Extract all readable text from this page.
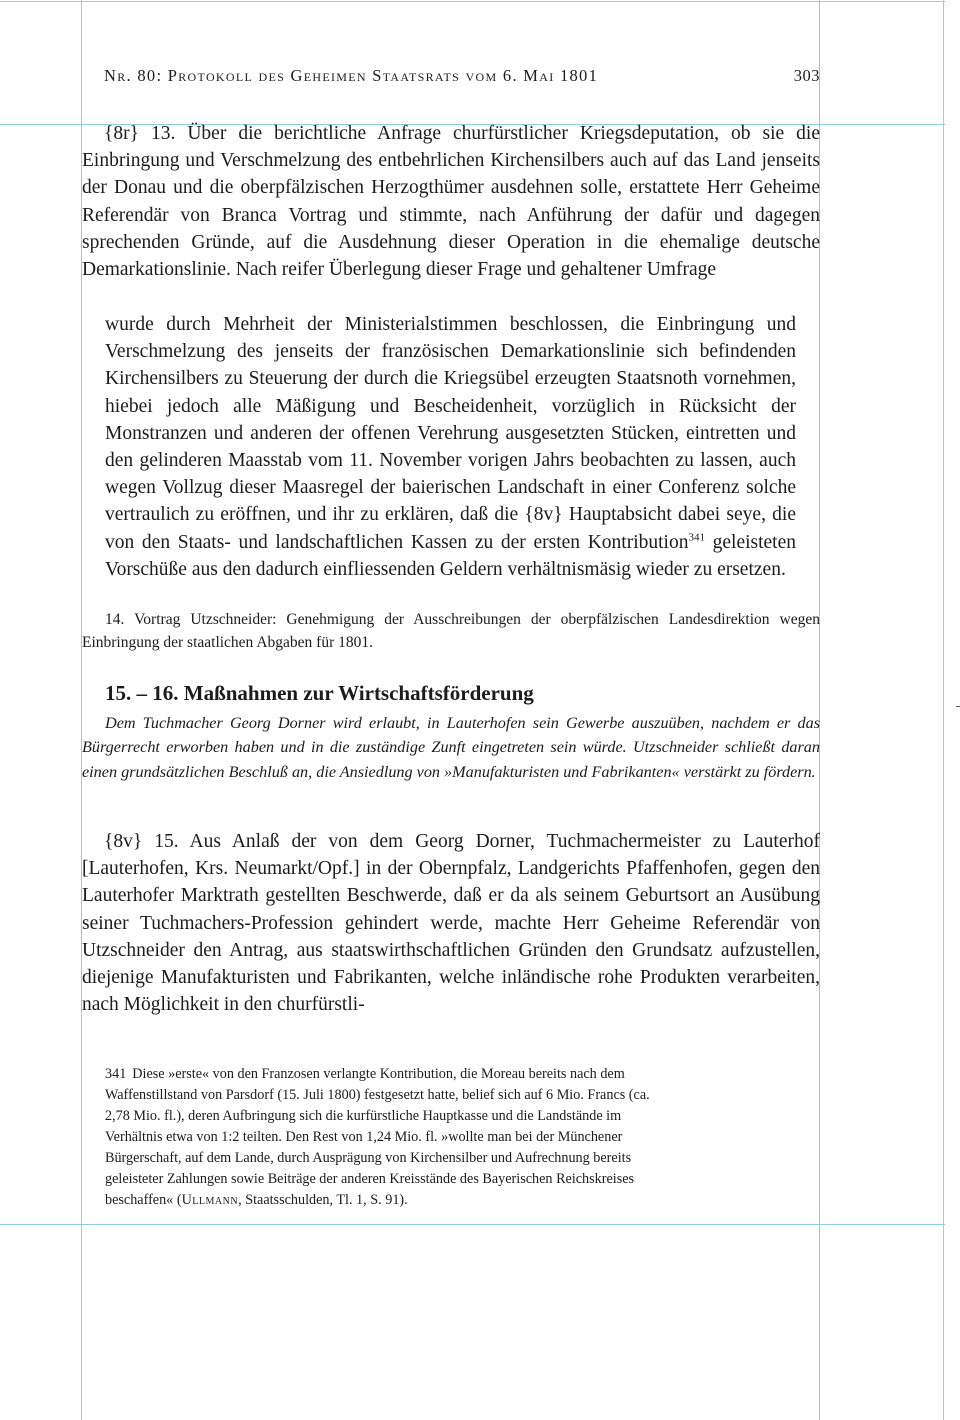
Nr. 80: Protokoll des Geheimen Staatsrats vom 6. Mai 1801	303

{8r} 13. Über die berichtliche Anfrage churfürstlicher Kriegsdeputation, ob sie die Einbringung und Verschmelzung des entbehrlichen Kirchensilbers auch auf das Land jenseits der Donau und die oberpfälzischen Herzogthümer ausdehnen solle, erstattete Herr Geheime Referendär von Branca Vortrag und stimmte, nach Anführung der dafür und dagegen sprechenden Gründe, auf die Ausdehnung dieser Operation in die ehemalige deutsche Demarkationslinie. Nach reifer Überlegung dieser Frage und gehaltener Umfrage

wurde durch Mehrheit der Ministerialstimmen beschlossen, die Einbringung und Verschmelzung des jenseits der französischen Demarkationslinie sich befindenden Kirchensilbers zu Steuerung der durch die Kriegsübel erzeugten Staatsnoth vornehmen, hiebei jedoch alle Mäßigung und Bescheidenheit, vorzüglich in Rücksicht der Monstranzen und anderen der offenen Verehrung ausgesetzten Stücken, eintretten und den gelinderen Maasstab vom 11. November vorigen Jahrs beobachten zu lassen, auch wegen Vollzug dieser Maasregel der baierischen Landschaft in einer Conferenz solche vertraulich zu eröffnen, und ihr zu erklären, daß die {8v} Hauptabsicht dabei seye, die von den Staats- und landschaftlichen Kassen zu der ersten Kontribution$^{341}$ geleisteten Vorschüße aus den dadurch einfliessenden Geldern verhältnismäsig wieder zu ersetzen.

14. Vortrag Utzschneider: Genehmigung der Ausschreibungen der oberpfälzischen Landesdirektion wegen Einbringung der staatlichen Abgaben für 1801.

15. – 16. Maßnahmen zur Wirtschaftsförderung

Dem Tuchmacher Georg Dorner wird erlaubt, in Lauterhofen sein Gewerbe auszuüben, nachdem er das Bürgerrecht erworben haben und in die zuständige Zunft eingetreten sein würde. Utzschneider schließt daran einen grundsätzlichen Beschluß an, die Ansiedlung von »Manufakturisten und Fabrikanten« verstärkt zu fördern.

{8v} 15. Aus Anlaß der von dem Georg Dorner, Tuchmachermeister zu Lauterhof [Lauterhofen, Krs. Neumarkt/Opf.] in der Obernpfalz, Landgerichts Pfaffenhofen, gegen den Lauterhofer Marktrath gestellten Beschwerde, daß er da als seinem Geburtsort an Ausübung seiner Tuchmachers-Profession gehindert werde, machte Herr Geheime Referendär von Utzschneider den Antrag, aus staatswirthschaftlichen Gründen den Grundsatz aufzustellen, diejenige Manufakturisten und Fabrikanten, welche inländische rohe Produkten verarbeiten, nach Möglichkeit in den churfürstli-

341 Diese »erste« von den Franzosen verlangte Kontribution, die Moreau bereits nach dem Waffenstillstand von Parsdorf (15. Juli 1800) festgesetzt hatte, belief sich auf 6 Mio. Francs (ca. 2,78 Mio. fl.), deren Aufbringung sich die kurfürstliche Hauptkasse und die Landstände im Verhältnis etwa von 1:2 teilten. Den Rest von 1,24 Mio. fl. »wollte man bei der Münchener Bürgerschaft, auf dem Lande, durch Ausprägung von Kirchensilber und Aufrechnung bereits geleisteter Zahlungen sowie Beiträge der anderen Kreisstände des Bayerischen Reichskreises beschaffen« (Ullmann, Staatsschulden, Tl. 1, S. 91).
